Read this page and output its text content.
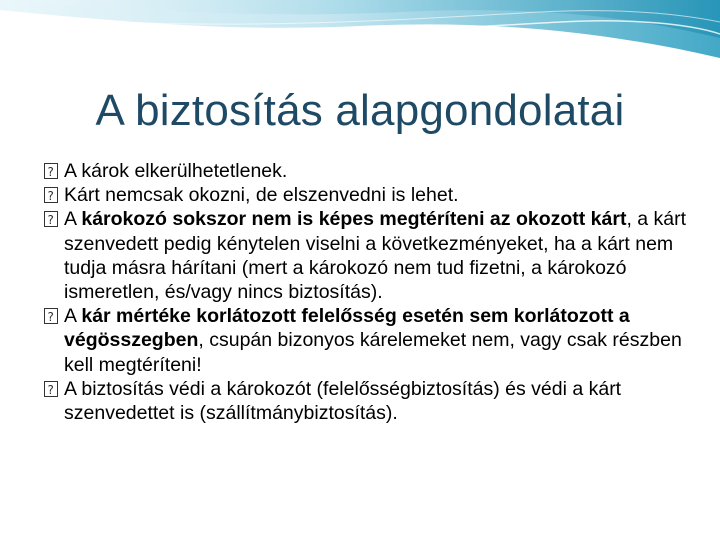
A biztosítás alapgondolatai

?
A károk elkerülhetetlenek.

?
Kárt nemcsak okozni, de elszenvedni is lehet.

?
A károkozó sokszor nem is képes megtéríteni az okozott kárt, a kárt szenvedett pedig kénytelen viselni a következményeket, ha a kárt nem tudja másra hárítani (mert a károkozó nem tud fizetni, a károkozó ismeretlen, és/vagy nincs biztosítás).

?
A kár mértéke korlátozott felelősség esetén sem korlátozott a végösszegben, csupán bizonyos kárelemeket nem, vagy csak részben kell megtéríteni!

?
A biztosítás védi a károkozót (felelősségbiztosítás) és védi a kárt szenvedettet is (szállítmánybiztosítás).
